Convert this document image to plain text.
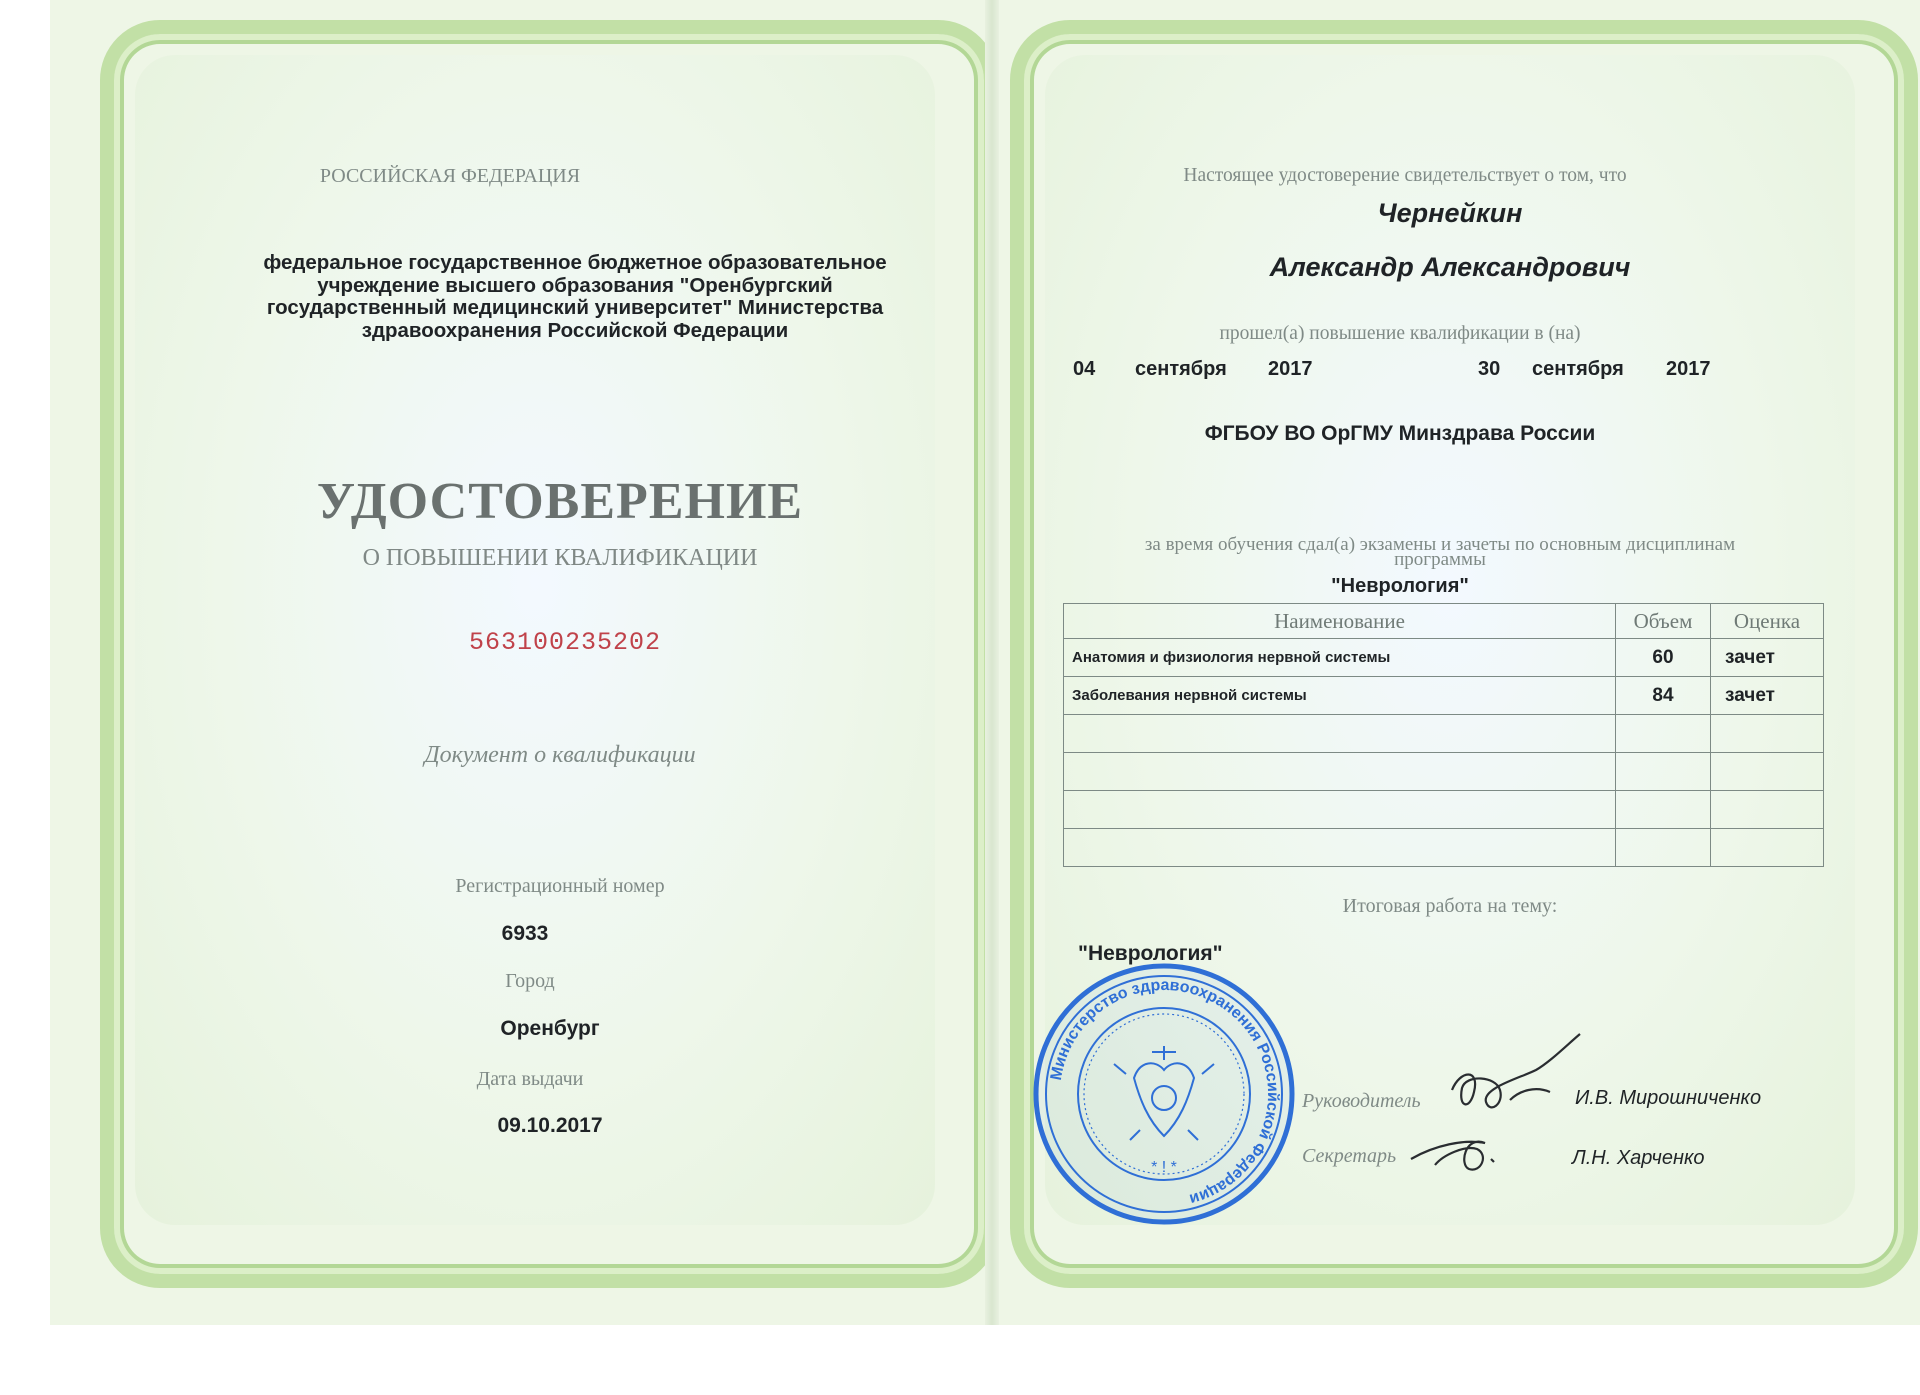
РОССИЙСКАЯ ФЕДЕРАЦИЯ
федеральное государственное бюджетное образовательное
учреждение высшего образования "Оренбургский
государственный медицинский университет" Министерства
здравоохранения Российской Федерации
УДОСТОВЕРЕНИЕ
О ПОВЫШЕНИИ КВАЛИФИКАЦИИ
563100235202
Документ о квалификации
Регистрационный номер
6933
Город
Оренбург
Дата выдачи
09.10.2017
Настоящее удостоверение свидетельствует о том, что
Чернейкин
Александр Александрович
прошел(а) повышение квалификации в (на)
04 сентября 2017	30 сентября 2017
ФГБОУ ВО ОрГМУ Минздрава России
за время обучения сдал(а) экзамены и зачеты по основным дисциплинам
программы
"Неврология"
Наименование	Объем	Оценка
Анатомия и физиология нервной системы	60	зачет
Заболевания нервной системы	84	зачет

Итоговая работа на тему:
"Неврология"
Руководитель	И.В. Мирошниченко
Секретарь	Л.Н. Харченко
Министерство здравоохранения Российской Федерации
* ! *
